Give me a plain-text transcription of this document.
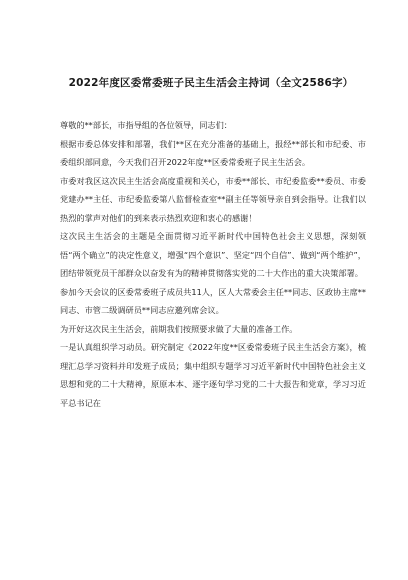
2022年度区委常委班子民主生活会主持词（全文2586字）

尊敬的**部长，市指导组的各位领导，同志们：

根据市委总体安排和部署，我们**区在充分准备的基础上，报经**部长和市纪委、市委组织部同意，今天我们召开2022年度**区委常委班子民主生活会。

市委对我区这次民主生活会高度重视和关心，市委**部长、市纪委监委**委员、市委党建办**主任、市纪委监委第八监督检查室**副主任等领导亲自到会指导。让我们以热烈的掌声对他们的到来表示热烈欢迎和衷心的感谢！

这次民主生活会的主题是全面贯彻习近平新时代中国特色社会主义思想，深刻领悟“两个确立”的决定性意义，增强“四个意识”、坚定“四个自信”、做到“两个维护”，团结带领党员干部群众以奋发有为的精神贯彻落实党的二十大作出的重大决策部署。

参加今天会议的区委常委班子成员共11人，区人大常委会主任**同志、区政协主席**同志、市管二级调研员**同志应邀列席会议。

为开好这次民主生活会，前期我们按照要求做了大量的准备工作。

一是认真组织学习动员。研究制定《2022年度**区委常委班子民主生活会方案》，梳理汇总学习资料并印发班子成员；集中组织专题学习习近平新时代中国特色社会主义思想和党的二十大精神，原原本本、逐字逐句学习党的二十大报告和党章，学习习近平总书记在
